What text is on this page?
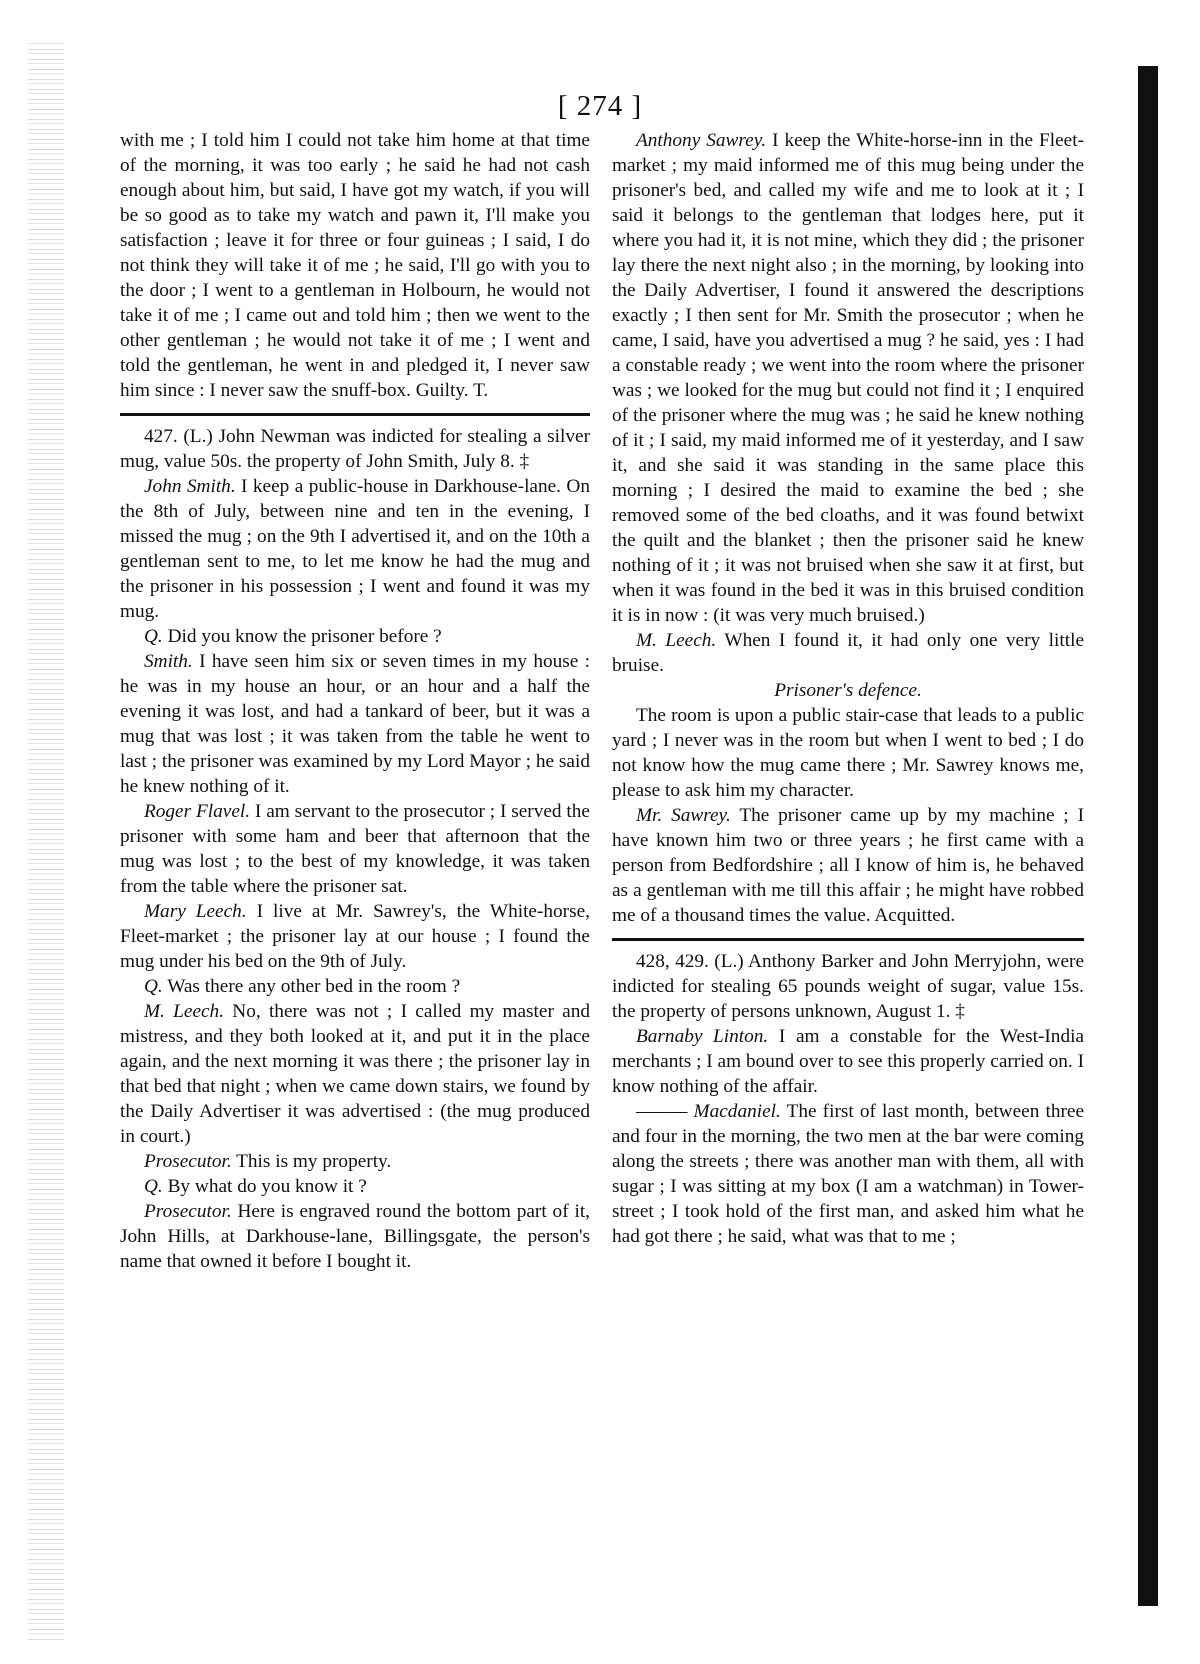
[ 274 ]

with me ; I told him I could not take him home at that time of the morning, it was too early ; he said he had not cash enough about him, but said, I have got my watch, if you will be so good as to take my watch and pawn it, I'll make you satisfaction ; leave it for three or four guineas ; I said, I do not think they will take it of me ; he said, I'll go with you to the door ; I went to a gentleman in Holbourn, he would not take it of me ; I came out and told him ; then we went to the other gentleman ; he would not take it of me ; I went and told the gentleman, he went in and pledged it, I never saw him since : I never saw the snuff-box. Guilty. T.

427. (L.) John Newman was indicted for stealing a silver mug, value 50s. the property of John Smith, July 8. ‡

John Smith. I keep a public-house in Darkhouse-lane. On the 8th of July, between nine and ten in the evening, I missed the mug ; on the 9th I advertised it, and on the 10th a gentleman sent to me, to let me know he had the mug and the prisoner in his possession ; I went and found it was my mug.

Q. Did you know the prisoner before ?

Smith. I have seen him six or seven times in my house : he was in my house an hour, or an hour and a half the evening it was lost, and had a tankard of beer, but it was a mug that was lost ; it was taken from the table he went to last ; the prisoner was examined by my Lord Mayor ; he said he knew nothing of it.

Roger Flavel. I am servant to the prosecutor ; I served the prisoner with some ham and beer that afternoon that the mug was lost ; to the best of my knowledge, it was taken from the table where the prisoner sat.

Mary Leech. I live at Mr. Sawrey's, the White-horse, Fleet-market ; the prisoner lay at our house ; I found the mug under his bed on the 9th of July.

Q. Was there any other bed in the room ?

M. Leech. No, there was not ; I called my master and mistress, and they both looked at it, and put it in the place again, and the next morning it was there ; the prisoner lay in that bed that night ; when we came down stairs, we found by the Daily Advertiser it was advertised : (the mug produced in court.)

Prosecutor. This is my property.

Q. By what do you know it ?

Prosecutor. Here is engraved round the bottom part of it, John Hills, at Darkhouse-lane, Billingsgate, the person's name that owned it before I bought it.

Anthony Sawrey. I keep the White-horse-inn in the Fleet-market ; my maid informed me of this mug being under the prisoner's bed, and called my wife and me to look at it ; I said it belongs to the gentleman that lodges here, put it where you had it, it is not mine, which they did ; the prisoner lay there the next night also ; in the morning, by looking into the Daily Advertiser, I found it answered the descriptions exactly ; I then sent for Mr. Smith the prosecutor ; when he came, I said, have you advertised a mug ? he said, yes : I had a constable ready ; we went into the room where the prisoner was ; we looked for the mug but could not find it ; I enquired of the prisoner where the mug was ; he said he knew nothing of it ; I said, my maid informed me of it yesterday, and I saw it, and she said it was standing in the same place this morning ; I desired the maid to examine the bed ; she removed some of the bed cloaths, and it was found betwixt the quilt and the blanket ; then the prisoner said he knew nothing of it ; it was not bruised when she saw it at first, but when it was found in the bed it was in this bruised condition it is in now : (it was very much bruised.)

M. Leech. When I found it, it had only one very little bruise.

Prisoner's defence.

The room is upon a public stair-case that leads to a public yard ; I never was in the room but when I went to bed ; I do not know how the mug came there ; Mr. Sawrey knows me, please to ask him my character.

Mr. Sawrey. The prisoner came up by my machine ; I have known him two or three years ; he first came with a person from Bedfordshire ; all I know of him is, he behaved as a gentleman with me till this affair ; he might have robbed me of a thousand times the value. Acquitted.

428, 429. (L.) Anthony Barker and John Merryjohn, were indicted for stealing 65 pounds weight of sugar, value 15s. the property of persons unknown, August 1. ‡

Barnaby Linton. I am a constable for the West-India merchants ; I am bound over to see this properly carried on. I know nothing of the affair.

——— Macdaniel. The first of last month, between three and four in the morning, the two men at the bar were coming along the streets ; there was another man with them, all with sugar ; I was sitting at my box (I am a watchman) in Tower-street ; I took hold of the first man, and asked him what he had got there ; he said, what was that to me ;
